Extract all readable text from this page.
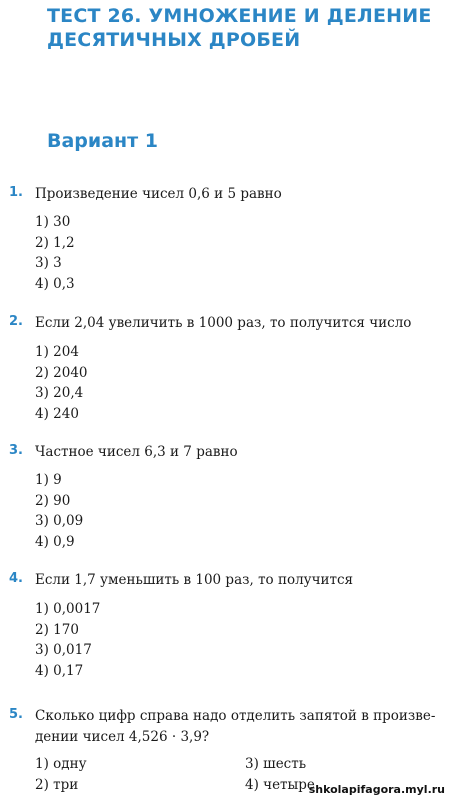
ТЕСТ 26. УМНОЖЕНИЕ И ДЕЛЕНИЕ
ДЕСЯТИЧНЫХ ДРОБЕЙ
Вариант 1
1. Произведение чисел 0,6 и 5 равно
1) 30
2) 1,2
3) 3
4) 0,3
2. Если 2,04 увеличить в 1000 раз, то получится число
1) 204
2) 2040
3) 20,4
4) 240
3. Частное чисел 6,3 и 7 равно
1) 9
2) 90
3) 0,09
4) 0,9
4. Если 1,7 уменьшить в 100 раз, то получится
1) 0,0017
2) 170
3) 0,017
4) 0,17
5. Сколько цифр справа надо отделить запятой в произве-
дении чисел 4,526 · 3,9?
1) одну	3) шесть
2) три	4) четыре
shkolapifagora.myl.ru
